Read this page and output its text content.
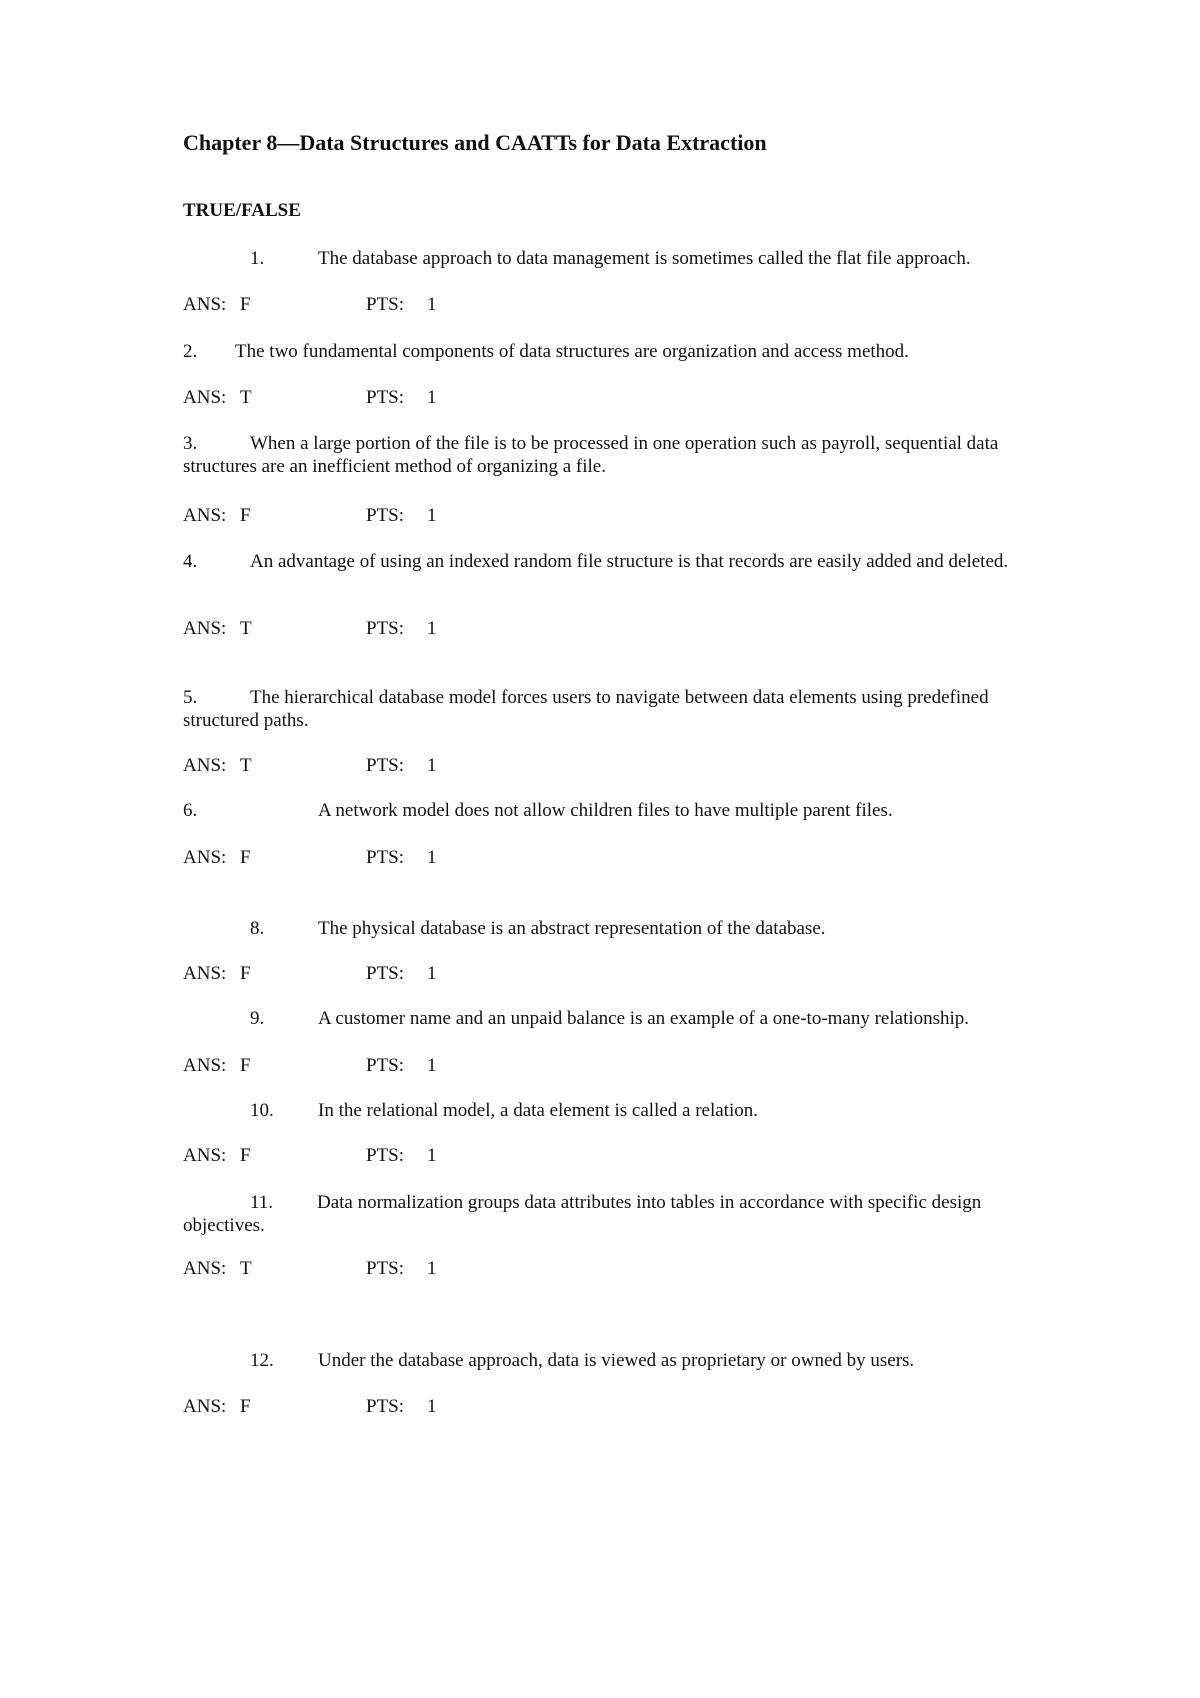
Chapter 8—Data Structures and CAATTs for Data Extraction
TRUE/FALSE
1.	The database approach to data management is sometimes called the flat file approach.
ANS: F	PTS: 1
2. The two fundamental components of data structures are organization and access method.
ANS: T	PTS: 1
3.	When a large portion of the file is to be processed in one operation such as payroll, sequential data structures are an inefficient method of organizing a file.
ANS: F	PTS: 1
4.	An advantage of using an indexed random file structure is that records are easily added and deleted.
ANS: T	PTS: 1
5.	The hierarchical database model forces users to navigate between data elements using predefined structured paths.
ANS: T	PTS: 1
6.	A network model does not allow children files to have multiple parent files.
ANS: F	PTS: 1
8.	The physical database is an abstract representation of the database.
ANS: F	PTS: 1
9.	A customer name and an unpaid balance is an example of a one-to-many relationship.
ANS: F	PTS: 1
10. In the relational model, a data element is called a relation.
ANS: F	PTS: 1
11. Data normalization groups data attributes into tables in accordance with specific design objectives.
ANS: T	PTS: 1
12. Under the database approach, data is viewed as proprietary or owned by users.
ANS: F	PTS: 1
